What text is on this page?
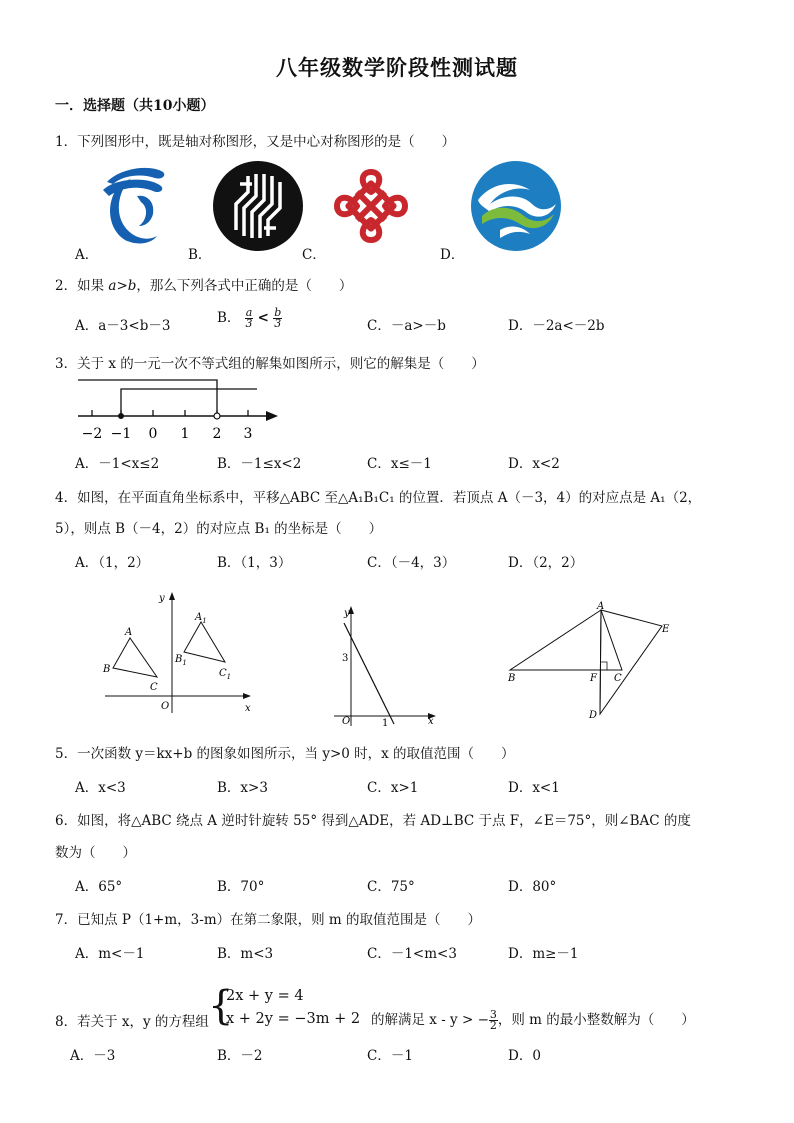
八年级数学阶段性测试题
一．选择题（共10小题）
1．下列图形中，既是轴对称图形，又是中心对称图形的是（　　）
A．	B．	C．	D．
2．如果 a>b，那么下列各式中正确的是（　　）
A．a－3<b－3	B． $\frac{a}{3} < \frac{b}{3}$	C．－a>－b	D．－2a<－2b
3．关于 x 的一元一次不等式组的解集如图所示，则它的解集是（　　）
−2 −1 0 1 2 3
A．－1<x≤2	B．－1≤x<2	C．x≤－1	D．x<2
4．如图，在平面直角坐标系中，平移△ABC 至△A₁B₁C₁ 的位置．若顶点 A（－3，4）的对应点是 A₁（2，
5），则点 B（－4，2）的对应点 B₁ 的坐标是（　　）
A．（1，2）	B．（1，3）	C．（－4，3）	D．（2，2）
y
x
O
A
B
C
$A_1$
$B_1$
$C_1$
y
x
O
3
1
A
B	C
D
E
F
5．一次函数 y＝kx+b 的图象如图所示，当 y>0 时，x 的取值范围（　　）
A．x<3	B．x>3	C．x>1	D．x<1
6．如图，将△ABC 绕点 A 逆时针旋转 55° 得到△ADE，若 AD⊥BC 于点 F，∠E＝75°，则∠BAC 的度
数为（　　）
A．65°	B．70°	C．75°	D．80°
7．已知点 P（1+m，3-m）在第二象限，则 m 的取值范围是（　　）
A．m<－1	B．m<3	C．－1<m<3	D．m≥－1
8．若关于 x，y 的方程组 {
2x + y = 4
x + 2y = −3m + 2 的解满足 x - y > − $\frac{3}{2}$ ，则 m 的最小整数解为（　　）
A．－3	B．－2	C．－1	D．0
